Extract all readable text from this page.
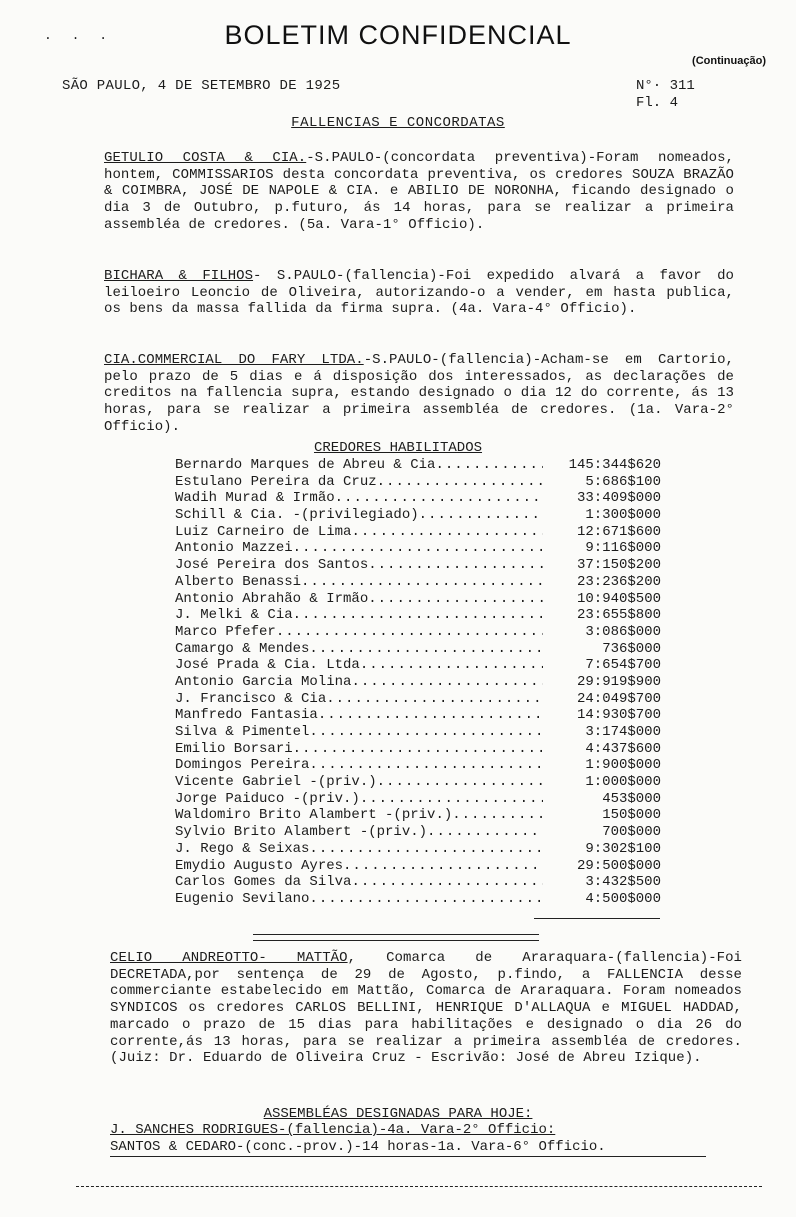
. . .	BOLETIM CONFIDENCIAL
(Continuação)
SÃO PAULO, 4 DE SETEMBRO DE 1925	N°· 311
Fl. 4
FALLENCIAS E CONCORDATAS
GETULIO COSTA & CIA.-S.PAULO-(concordata preventiva)-Foram nomeados, hontem, COMMISSARIOS desta concordata preventiva, os credores SOUZA BRAZÃO & COIMBRA, JOSÉ DE NAPOLE & CIA. e ABILIO DE NORONHA, ficando designado o dia 3 de Outubro, p.futuro, ás 14 horas, para se realizar a primeira assembléa de credores. (5a. Vara-1° Officio).
BICHARA & FILHOS- S.PAULO-(fallencia)-Foi expedido alvará a favor do leiloeiro Leoncio de Oliveira, autorizando-o a vender, em hasta publica, os bens da massa fallida da firma supra. (4a. Vara-4° Officio).
CIA.COMMERCIAL DO FARY LTDA.-S.PAULO-(fallencia)-Acham-se em Cartorio, pelo prazo de 5 dias e á disposição dos interessados, as declarações de creditos na fallencia supra, estando designado o dia 12 do corrente, ás 13 horas, para se realizar a primeira assembléa de credores. (1a. Vara-2° Officio).
CREDORES HABILITADOS
Bernardo Marques de Abreu & Cia .....	145:344$620
Estulano Pereira da Cruz .....	5:686$100
Wadih Murad & Irmão .....	33:409$000
Schill & Cia. -(privilegiado) .....	1:300$000
Luiz Carneiro de Lima .....	12:671$600
Antonio Mazzei .....	9:116$000
José Pereira dos Santos .....	37:150$200
Alberto Benassi .....	23:236$200
Antonio Abrahão & Irmão .....	10:940$500
J. Melki & Cia .....	23:655$800
Marco Pfefer .....	3:086$000
Camargo & Mendes .....	736$000
José Prada & Cia. Ltda .....	7:654$700
Antonio Garcia Molina .....	29:919$900
J. Francisco & Cia .....	24:049$700
Manfredo Fantasia .....	14:930$700
Silva & Pimentel .....	3:174$000
Emilio Borsari .....	4:437$600
Domingos Pereira .....	1:900$000
Vicente Gabriel -(priv.) .....	1:000$000
Jorge Paiduco -(priv.) .....	453$000
Waldomiro Brito Alambert -(priv.) .....	150$000
Sylvio Brito Alambert -(priv.) .....	700$000
J. Rego & Seixas .....	9:302$100
Emydio Augusto Ayres .....	29:500$000
Carlos Gomes da Silva .....	3:432$500
Eugenio Sevilano .....	4:500$000
CELIO ANDREOTTO- MATTÃO, Comarca de Araraquara-(fallencia)-Foi DECRETADA,por sentença de 29 de Agosto, p.findo, a FALLENCIA desse commerciante estabelecido em Mattão, Comarca de Araraquara. Foram nomeados SYNDICOS os credores CARLOS BELLINI, HENRIQUE D'ALLAQUA e MIGUEL HADDAD, marcado o prazo de 15 dias para habilitações e designado o dia 26 do corrente,ás 13 horas, para se realizar a primeira assembléa de credores. (Juiz: Dr. Eduardo de Oliveira Cruz - Escrivão: José de Abreu Izique).
ASSEMBLÉAS DESIGNADAS PARA HOJE:
J. SANCHES RODRIGUES-(fallencia)-4a. Vara-2° Officio:
SANTOS & CEDARO-(conc.-prov.)-14 horas-1a. Vara-6° Officio.
